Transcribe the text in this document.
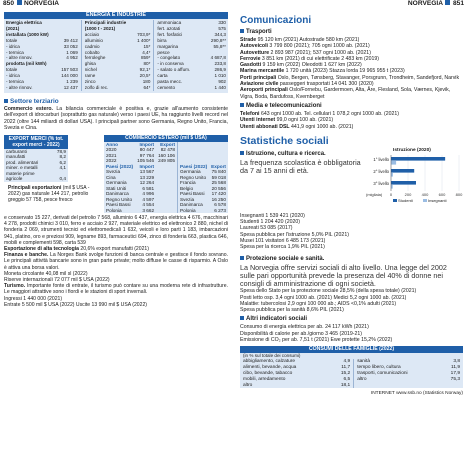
850 NORVEGIA
ENERGIA E INDUSTRIE
Energia elettrica
(2021)
installata (1000 kW)
totale	39 412
- idrica	33 052
- termica	1 069
- altre rinnov.	4 952
prodotta (mil kWh)
totale	157 503
- idrica	144 000
- termica	1 239
- altre rinnov.	12 437
Principali industrie
(1000 t - 2021)
acciaio	703,9*
alluminio	1 400*
cadmio	15*
cobalto	4,4*
ferroleghe	859*
ghisa	80*
nichel	92,1*
rame	20,5*
zinco	180
zolfo di rec.	64*
ammoniaca	330
fert. azotati	575
fert. fosfatici	344,3
birra	290,8**
margarina	55,8**
pesce
- congelato	4 687,8
- in conserva	233,8
- salato o affum.	286,9
carta	1 010
pasta mecc.	902
cemento	1 440
Settore terziario
Commercio estero. La bilancia commerciale è positiva e, grazie all'aumento consistente dell'export di idrocarburi (soprattutto gas naturale) verso i paesi UE, ha raggiunto livelli record nel 2022 (oltre 144 miliardi di dollari USA). I principali partner sono Germania, Regno Unito, Francia, Svezia e Cina.
EXPORT MERCI (% tot. export merci - 2022)
carburanti	78,9
manufatti	8,2
prod. alimentari	6,2
miner. e metalli	4,1
materie prime
agricole	0,4
Principali esportazioni (mil $ USA - 2022) gas naturale 144 217, petrolio greggio 57 758, pesce fresco
COMMERCIO ESTERO (mil $ USA)
Anno	Import	Export		
2020	80 447	82 478		
2021	97 764	160 106		
2022	105 546	249 805		
Paesi (2022)	Import		Paesi (2022)	Export
Svezia	13 567		Germania	75 840
Cina	13 229		Regno Unito	59 018
Germania	12 264		Francia	25 568
Stati Uniti	6 581		Belgio	20 556
Danimarca	4 996		Paesi Bassi	17 420
Regno Unito	4 597		Svezia	16 250
Paesi Bassi	4 554		Danimarca	6 578
Polonia	3 662		Polonia	6 273
e conservato 15 227, derivati del petrolio 7 568, alluminio 6 437, energia elettrica 4 676, macchinari 4 278, prodotti chimici 3 010, ferro e acciaio 2 927, materiale elettrico ed elettronico 2 880, nichel di fonderia 2 069, strumenti tecnici ed elettromedicali 1 632, veicoli e loro parti 1 183, imbarcazioni 941, platino, oro e preziosi 909, legname 893, farmaceutici 694, zinco di fonderia 663, plastica 646, mobili e complementi 598, carta 539
Esportazione di alta tecnologia 20,6% export manufatti (2021)
Finanza e banche. La Norges Bank svolge funzioni di banca centrale e gestisce il fondo sovrano. Le principali attività bancarie sono in gran parte private; molto diffuse le casse di risparmio. A Oslo è attiva una borsa valori.
Moneta circolante 40,08 mil sl (2022)
Riserve internazionali 72 077 mil $ USA (2022)
Turismo. Importante fonte di entrate, il turismo può contare su una moderna rete di infrastrutture. Le maggiori attrattive sono i fiordi e le stazioni di sport invernali.
Ingressi 1 440 000 (2021)
Entrate 5 500 mil $ USA (2022) Uscite 13 990 mil $ USA (2022)
NORVEGIA 851
Comunicazioni
Trasporti
Strade 95 120 km (2021) Autostrade 580 km (2021)
Autoveicoli 3 799 800 (2021); 705 ogni 1000 ab. (2021)
Autovetture 2 893 987 (2021); 537 ogni 1000 ab. (2021)
Ferrovie 3 851 km (2021) di cui elettrificate 2 483 km (2019)
Gasdotti 9 159 km (2022) Oleodotti 1 627 km (2022)
Marina mercantile 1 720 unità (2023) Stazza lorda 19 965 955 t (2023)
Porti principali Oslo, Bergen, Tønsberg, Stavanger, Porsgrunn, Trondheim, Sandefjord, Narvik
Aviazione civile passeggeri trasportati 14 041 300 (2020)
Aeroporti principali Oslo/Fornebu, Gardermoen, Alta, Åre, Flesland, Sola, Værnes, Kjevik, Vigra, Boda, Bardufoss, Kvernberget
Media e telecomunicazioni
Telefoni 643 ogni 1000 ab. Tel. cellulari 1 078,2 ogni 1000 ab. (2021)
Utenti internet 99,0 ogni 100 ab. (2021)
Utenti abbonati DSL 441,9 ogni 1000 ab. (2021)
Statistiche sociali
Istruzione, cultura e ricerca.
La frequenza scolastica è obbligatoria da 7 ai 15 anni di età.
Istruzione (2020)
0	200	400	600	800
1° livello
2° livello
3° livello
(migliaia)
Studenti	Insegnanti
Insegnanti 1 539 421 (2020)
Studenti 1 204 420 (2020)
Laureati 53 085 (2017)
Spesa pubblica per l'istruzione 5,0% PIL (2021)
Musei 101 visitatori 6 485 173 (2021)
Spesa per la ricerca 1,9% PIL (2021)
Protezione sociale e sanità.
La Norvegia offre servizi sociali di alto livello. Una legge del 2002 sulle pari opportunità prevede la presenza del 40% di donne nei consigli di amministrazione di ogni società.
Spesa dello Stato per la protezione sociale 28,5% (della spesa totale) (2021)
Posti letto osp. 3,4 ogni 1000 ab. (2021) Medici 5,2 ogni 1000 ab. (2021)
Malattie: tubercolosi 2,9 ogni 100 000 ab.; AIDS <0,1% adulti (2021)
Spesa pubblica per la sanità 8,6% PIL (2021)
Altri indicatori sociali
Consumo di energia elettrica per ab. 24 117 kWh (2021)
Disponibilità di calorie per ab./giorno 3 465 (2019-21)
Emissione di CO₂ per ab. 7,51 t (2021) Ewe protette 15,2% (2022)
CONSUMI DELLE FAMIGLIE (2022)
(in % sul totale dei consumi)
abbigliamento, calzature	4,9	sanità	3,8
alimenti, bevande, acqua	11,7	tempo libero, cultura	11,9
cibo, bevande, tabacco	15,2	trasporti, comunicazioni	17,9
mobili, arredamento	6,5	altro	75,3
altro	18,1		
INTERNET www.ssb.no (Statistics Norway)
